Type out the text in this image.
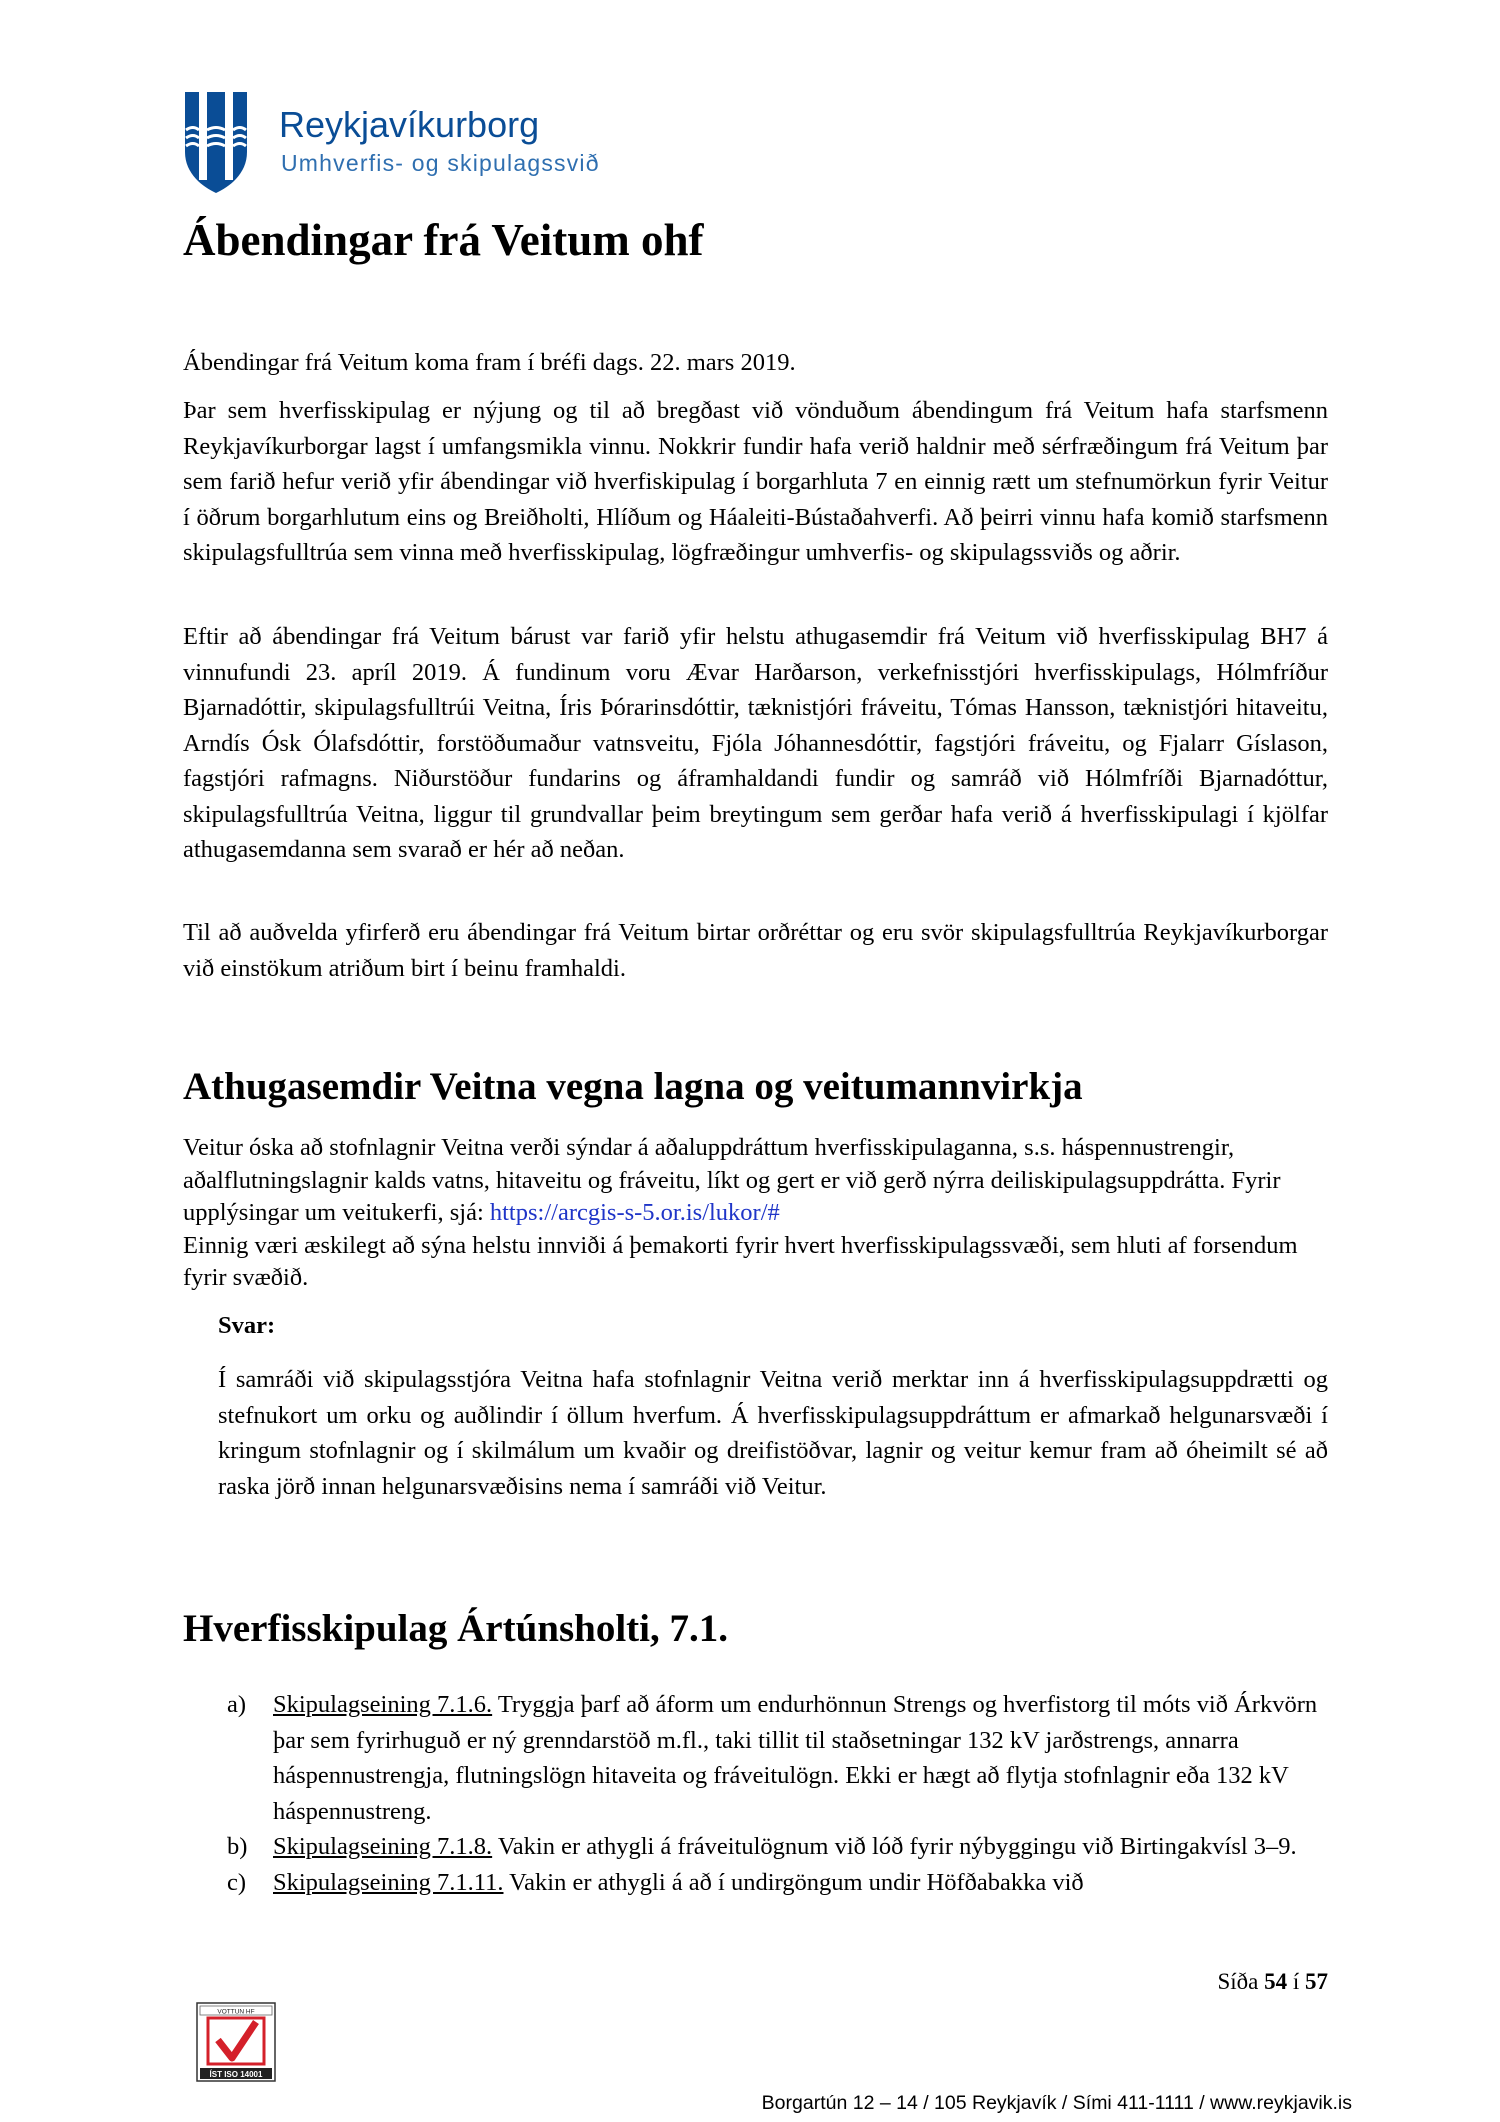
Reykjavíkurborg
Umhverfis- og skipulagssvið
Ábendingar frá Veitum ohf

Ábendingar frá Veitum koma fram í bréfi dags. 22. mars 2019.

Þar sem hverfisskipulag er nýjung og til að bregðast við vönduðum ábendingum frá Veitum hafa starfsmenn Reykjavíkurborgar lagst í umfangsmikla vinnu. Nokkrir fundir hafa verið haldnir með sérfræðingum frá Veitum þar sem farið hefur verið yfir ábendingar við hverfiskipulag í borgarhluta 7 en einnig rætt um stefnumörkun fyrir Veitur í öðrum borgarhlutum eins og Breiðholti, Hlíðum og Háaleiti-Bústaðahverfi. Að þeirri vinnu hafa komið starfsmenn skipulagsfulltrúa sem vinna með hverfisskipulag, lögfræðingur umhverfis- og skipulagssviðs og aðrir.

Eftir að ábendingar frá Veitum bárust var farið yfir helstu athugasemdir frá Veitum við hverfisskipulag BH7 á vinnufundi 23. apríl 2019. Á fundinum voru Ævar Harðarson, verkefnisstjóri hverfisskipulags, Hólmfríður Bjarnadóttir, skipulagsfulltrúi Veitna, Íris Þórarinsdóttir, tæknistjóri fráveitu, Tómas Hansson, tæknistjóri hitaveitu, Arndís Ósk Ólafsdóttir, forstöðumaður vatnsveitu, Fjóla Jóhannesdóttir, fagstjóri fráveitu, og Fjalarr Gíslason, fagstjóri rafmagns. Niðurstöður fundarins og áframhaldandi fundir og samráð við Hólmfríði Bjarnadóttur, skipulagsfulltrúa Veitna, liggur til grundvallar þeim breytingum sem gerðar hafa verið á hverfisskipulagi í kjölfar athugasemdanna sem svarað er hér að neðan.

Til að auðvelda yfirferð eru ábendingar frá Veitum birtar orðréttar og eru svör skipulagsfulltrúa Reykjavíkurborgar við einstökum atriðum birt í beinu framhaldi.

Athugasemdir Veitna vegna lagna og veitumannvirkja

Veitur óska að stofnlagnir Veitna verði sýndar á aðaluppdráttum hverfisskipulaganna, s.s. háspennustrengir, aðalflutningslagnir kalds vatns, hitaveitu og fráveitu, líkt og gert er við gerð nýrra deiliskipulagsuppdrátta. Fyrir upplýsingar um veitukerfi, sjá: https://arcgis-s-5.or.is/lukor/#
Einnig væri æskilegt að sýna helstu innviði á þemakorti fyrir hvert hverfisskipulagssvæði, sem hluti af forsendum fyrir svæðið.

Svar:

Í samráði við skipulagsstjóra Veitna hafa stofnlagnir Veitna verið merktar inn á hverfisskipulagsuppdrætti og stefnukort um orku og auðlindir í öllum hverfum. Á hverfisskipulagsuppdráttum er afmarkað helgunarsvæði í kringum stofnlagnir og í skilmálum um kvaðir og dreifistöðvar, lagnir og veitur kemur fram að óheimilt sé að raska jörð innan helgunarsvæðisins nema í samráði við Veitur.

Hverfisskipulag Ártúnsholti, 7.1.
a) Skipulagseining 7.1.6. Tryggja þarf að áform um endurhönnun Strengs og hverfistorg til móts við Árkvörn þar sem fyrirhuguð er ný grenndarstöð m.fl., taki tillit til staðsetningar 132 kV jarðstrengs, annarra háspennustrengja, flutningslögn hitaveita og fráveitulögn. Ekki er hægt að flytja stofnlagnir eða 132 kV háspennustreng.
b) Skipulagseining 7.1.8. Vakin er athygli á fráveitulögnum við lóð fyrir nýbyggingu við Birtingakvísl 3–9.
c) Skipulagseining 7.1.11. Vakin er athygli á að í undirgöngum undir Höfðabakka við
Síða 54 í 57
VOTTUN HF
ÍST ISO 14001
Borgartún 12 – 14 / 105 Reykjavík / Sími 411-1111 / www.reykjavik.is
